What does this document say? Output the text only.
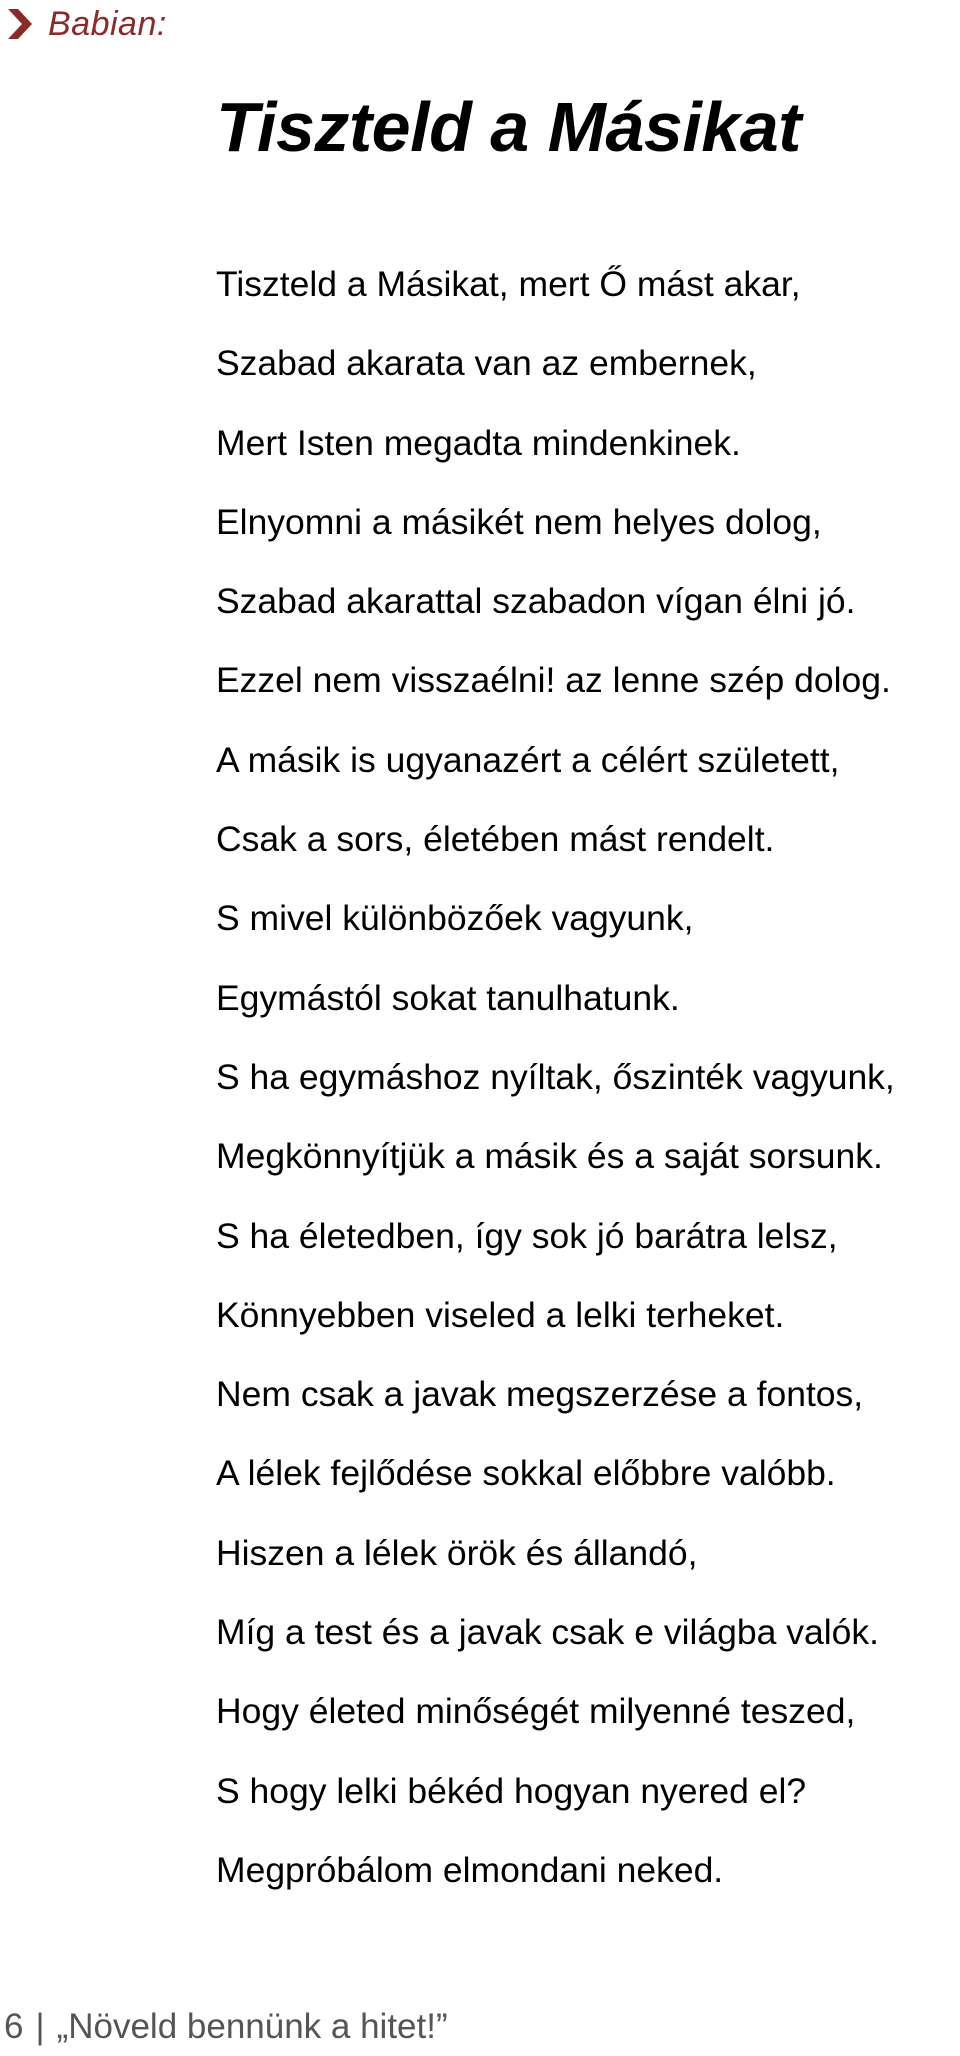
Babian:
Tiszteld a Másikat
Tiszteld a Másikat, mert Ő mást akar,
Szabad akarata van az embernek,
Mert Isten megadta mindenkinek.
Elnyomni a másikét nem helyes dolog,
Szabad akarattal szabadon vígan élni jó.
Ezzel nem visszaélni! az lenne szép dolog.
A másik is ugyanazért a célért született,
Csak a sors, életében mást rendelt.
S mivel különbözőek vagyunk,
Egymástól sokat tanulhatunk.
S ha egymáshoz nyíltak, őszinték vagyunk,
Megkönnyítjük a másik és a saját sorsunk.
S ha életedben, így sok jó barátra lelsz,
Könnyebben viseled a lelki terheket.
Nem csak a javak megszerzése a fontos,
A lélek fejlődése sokkal előbbre valóbb.
Hiszen a lélek örök és állandó,
Míg a test és a javak csak e világba valók.
Hogy életed minőségét milyenné teszed,
S hogy lelki békéd hogyan nyered el?
Megpróbálom elmondani neked.
6 | „Növeld bennünk a hitet!”
